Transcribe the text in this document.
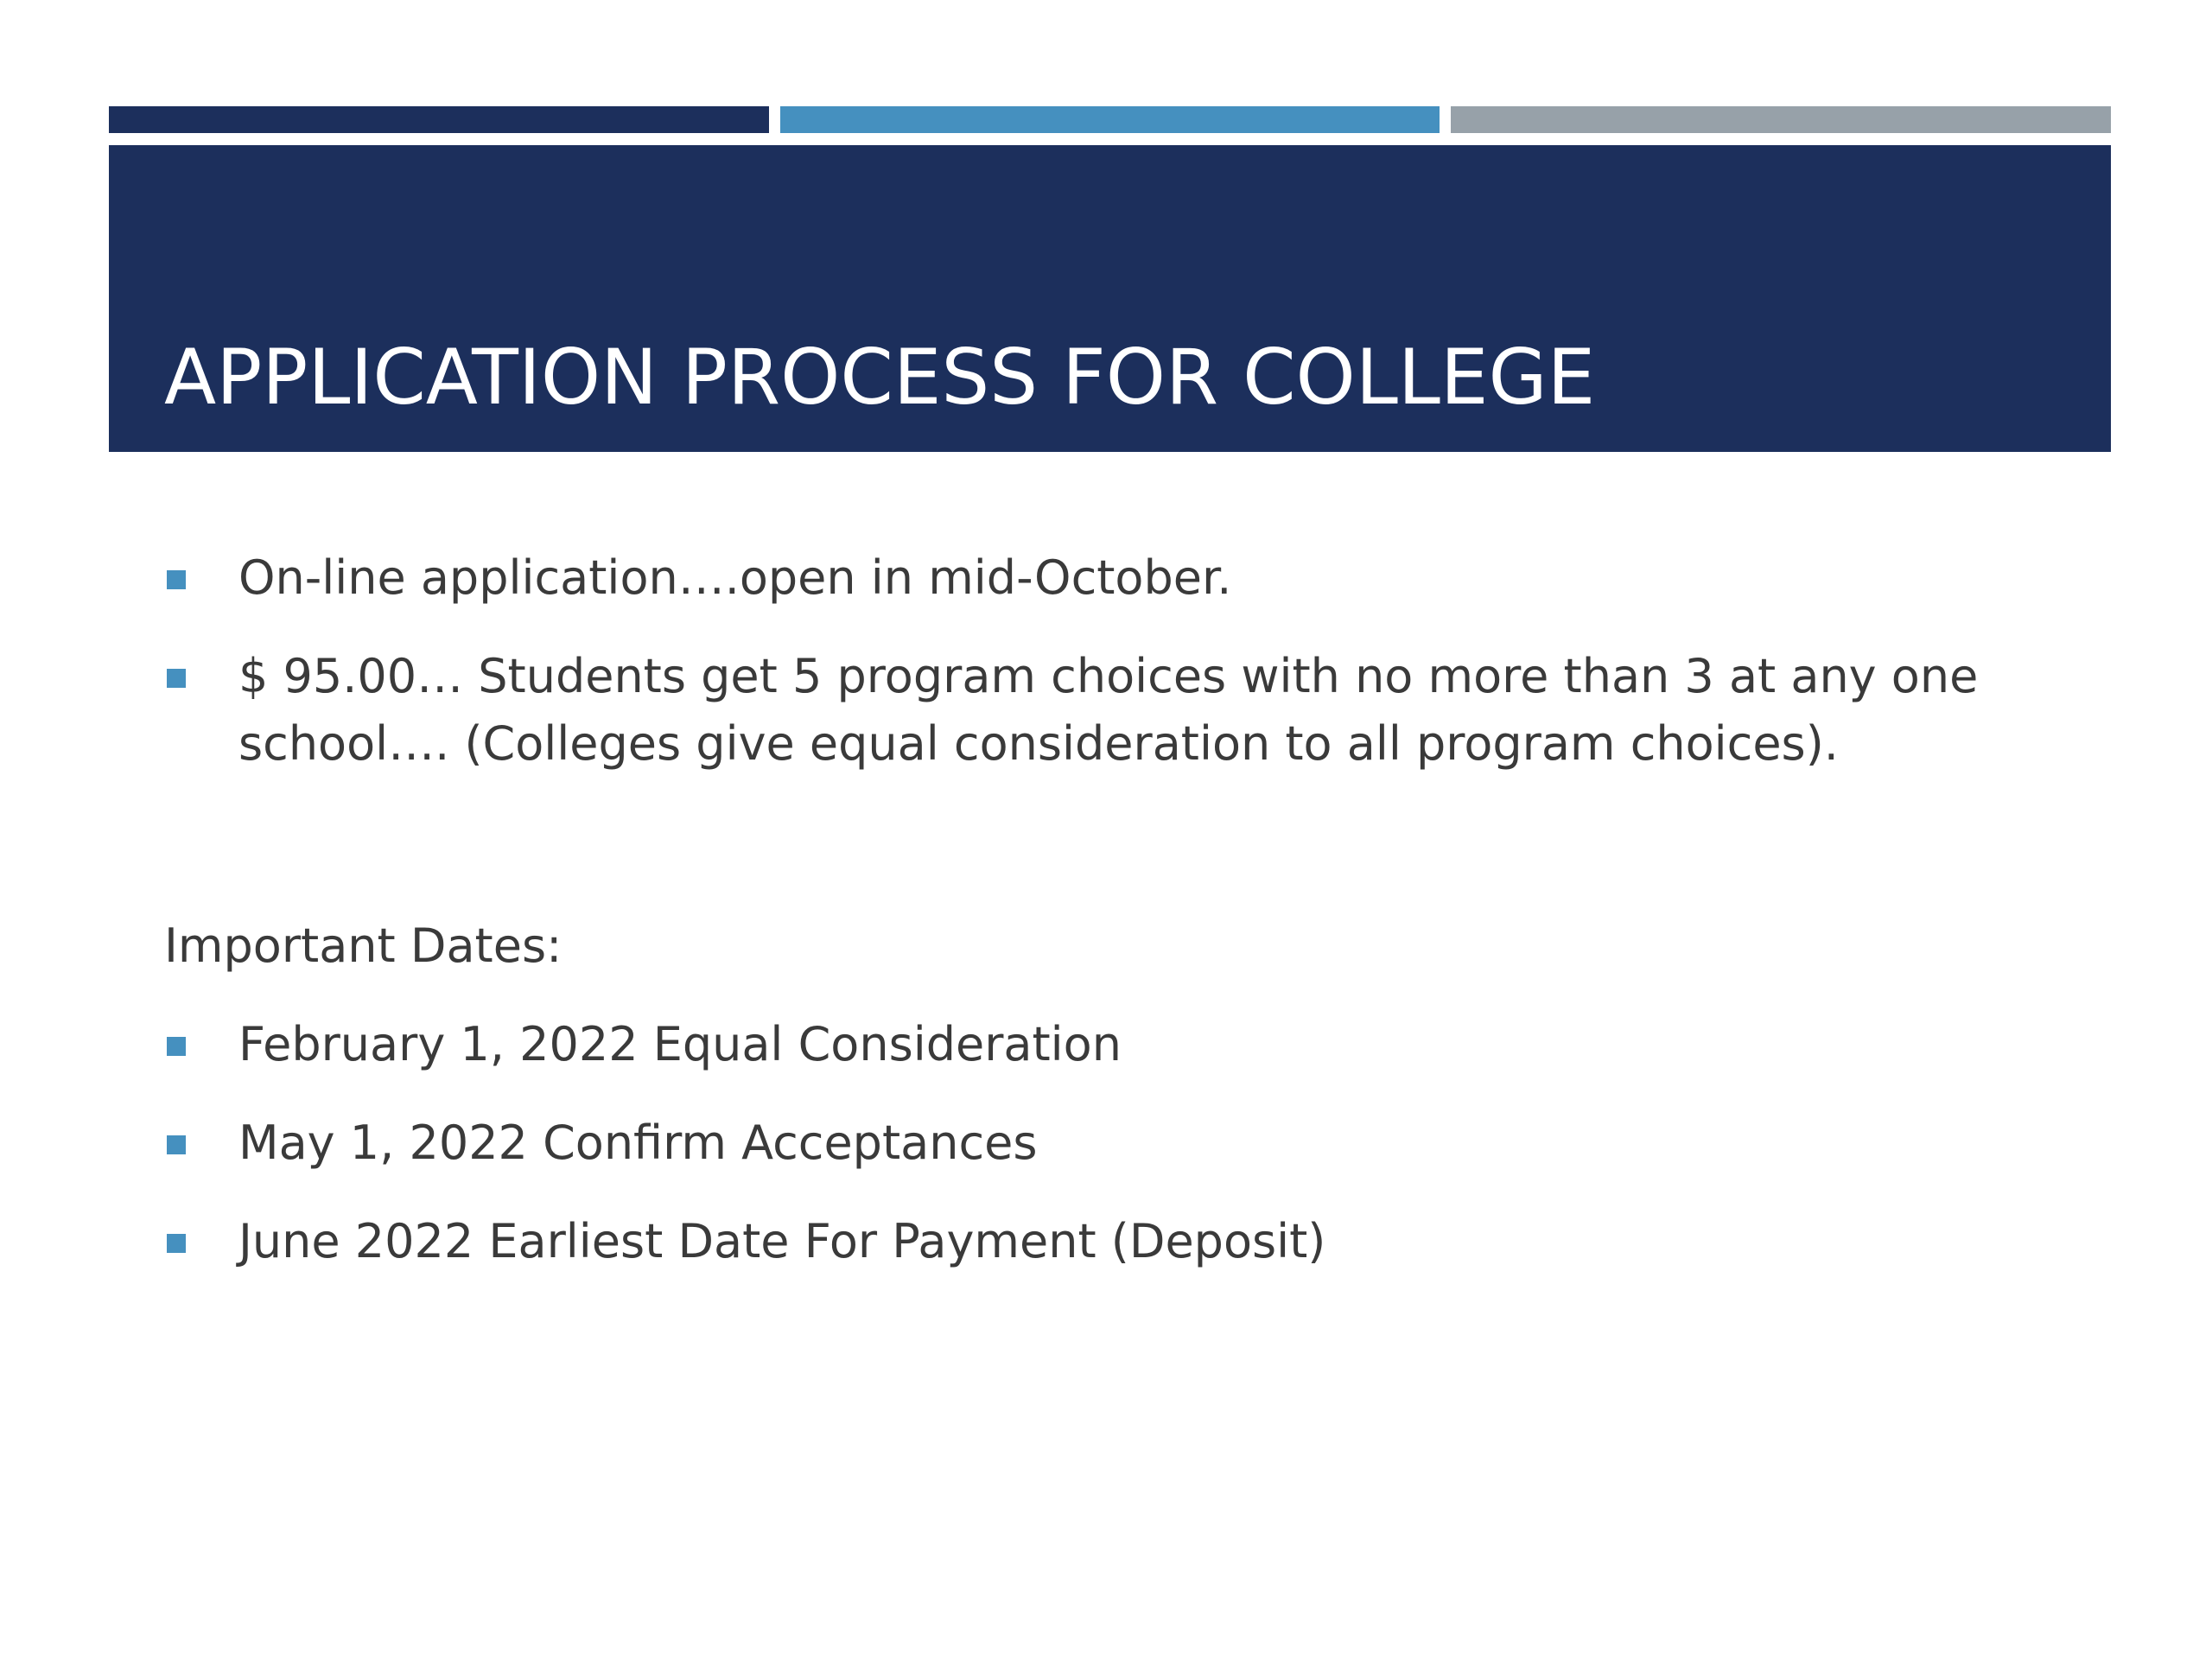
APPLICATION PROCESS FOR COLLEGE
On-line application….open in mid-October.
$ 95.00… Students get 5 program choices with no more than 3 at any one school…. (Colleges give equal consideration to all program choices).

Important Dates:

February 1, 2022 Equal Consideration
May 1, 2022 Confirm Acceptances
June 2022 Earliest Date For Payment (Deposit)
